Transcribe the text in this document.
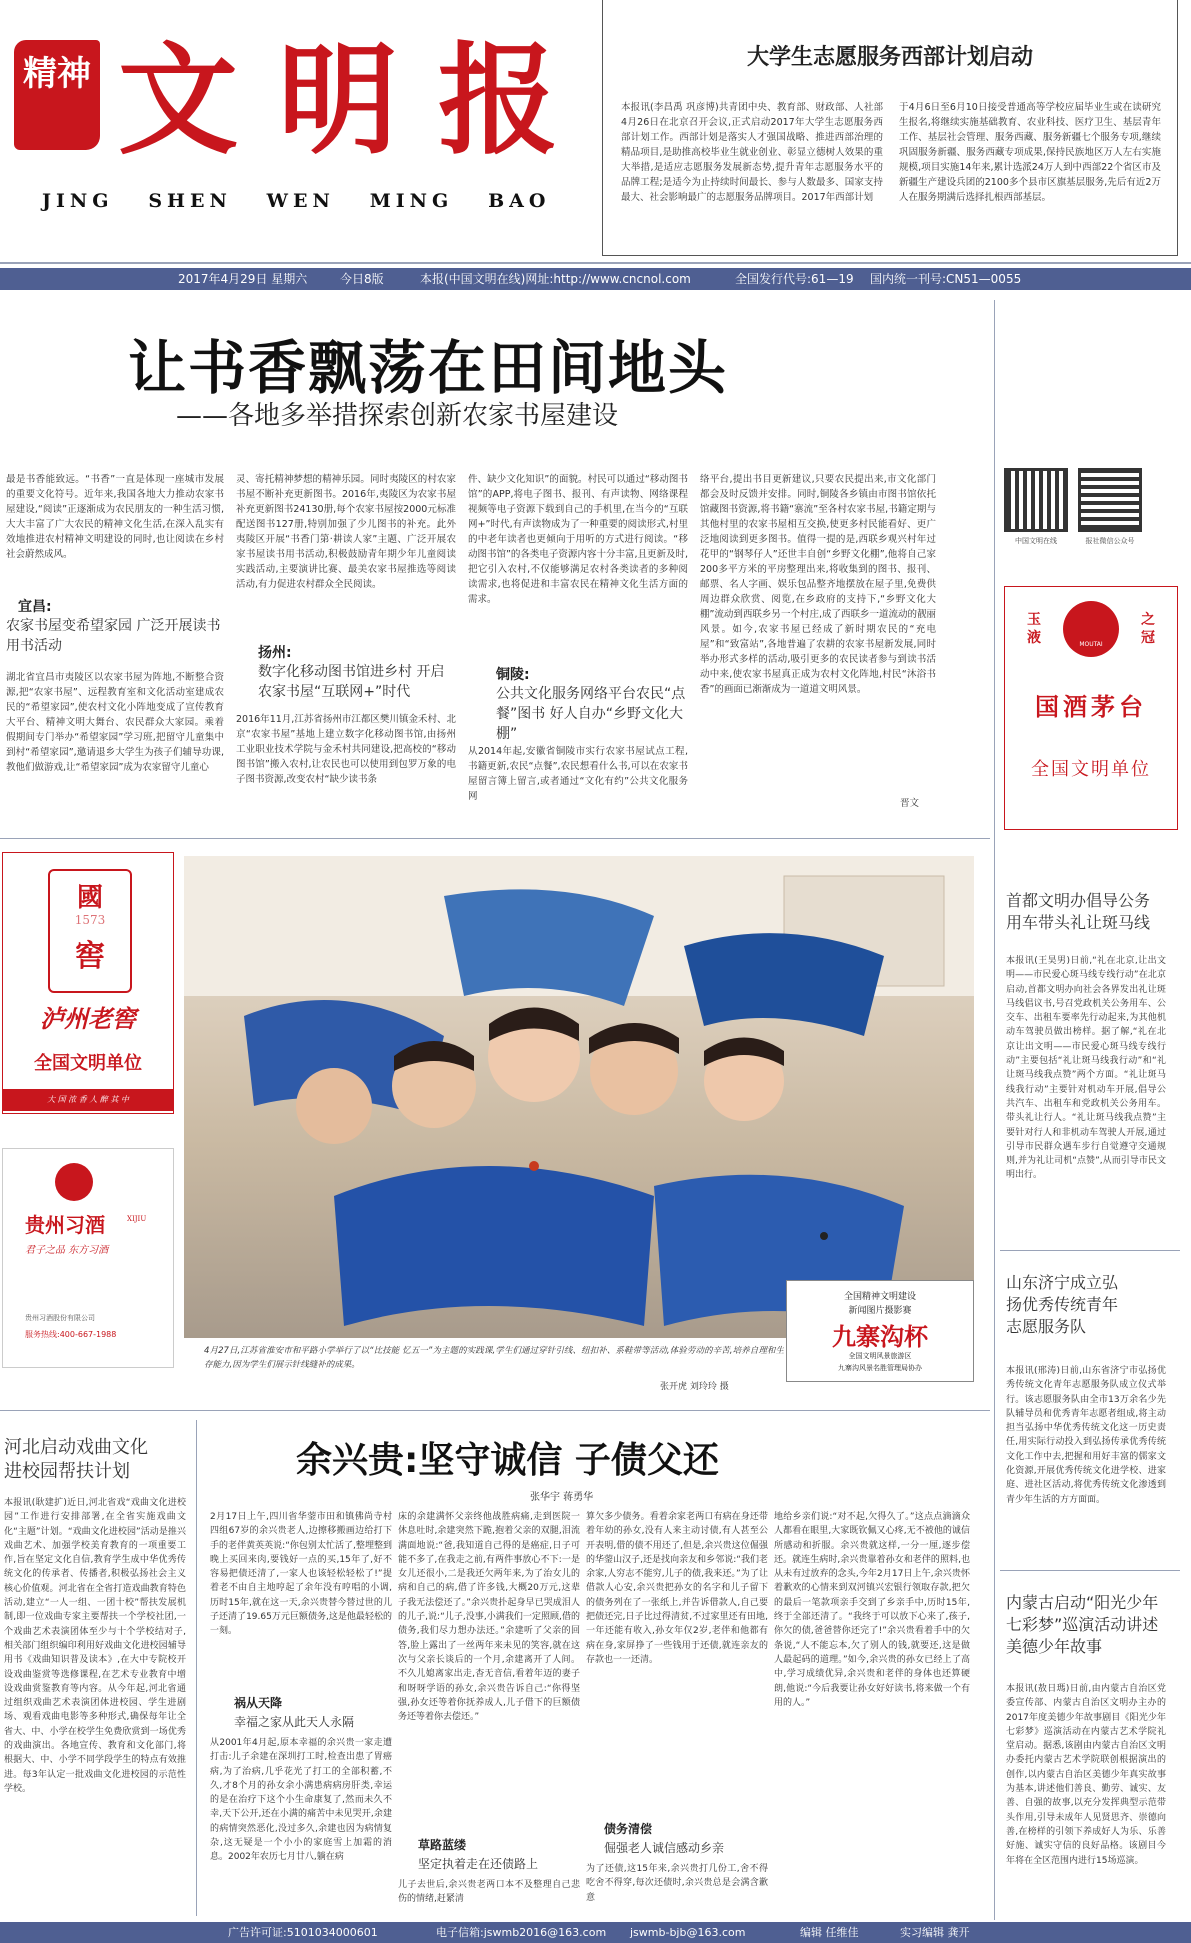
精神 文明报
JING   SHEN   WEN   MING   BAO
大学生志愿服务西部计划启动
本报讯(李昌禹 巩彦博)共青团中央、教育部、财政部、人社部4月26日在北京召开会议,正式启动2017年大学生志愿服务西部计划工作。西部计划是落实人才强国战略、推进西部治理的精品项目,是助推高校毕业生就业创业、彰显立德树人效果的重大举措,是适应志愿服务发展新态势,提升青年志愿服务水平的品牌工程;是适今为止持续时间最长、参与人数最多、国家支持最大、社会影响最广的志愿服务品牌项目。2017年西部计划
于4月6日至6月10日接受普通高等学校应届毕业生或在读研究生报名,将继续实施基础教育、农业科技、医疗卫生、基层青年工作、基层社会管理、服务西藏、服务新疆七个服务专项,继续巩固服务新疆、服务西藏专项成果,保持民族地区万人左右实施规模,项目实施14年来,累计选派24万人到中西部22个省区市及新疆生产建设兵团的2100多个县市区旗基层服务,先后有近2万人在服务期满后选择扎根西部基层。
2017年4月29日 星期六	今日8版	本报(中国文明在线)网址:http://www.cncnol.com	全国发行代号:61—19 国内统一刊号:CN51—0055
让书香飘荡在田间地头
——各地多举措探索创新农家书屋建设
最是书香能致远。“书香”一直是体现一座城市发展的重要文化符号。近年来,我国各地大力推动农家书屋建设,“阅读”正逐渐成为农民朋友的一种生活习惯,大大丰富了广大农民的精神文化生活,在深入乱实有效地推进农村精神文明建设的同时,也让阅读在乡村社会蔚然成风。
宜昌:
农家书屋变希望家园 广泛开展读书用书活动
湖北省宜昌市夷陵区以农家书屋为阵地,不断整合资源,把“农家书屋”、远程教育室和文化活动室建成农民的“希望家园”,使农村文化小阵地变成了宣传教育大平台、精神文明大舞台、农民群众大家园。乘着假期间专门举办“希望家园”学习班,把留守儿童集中到村“希望家园”,邀请退乡大学生为孩子们辅导功课,教他们做游戏,让“希望家园”成为农家留守儿童心
灵、寄托精神梦想的精神乐园。同时夷陵区的村农家书屋不断补充更新图书。2016年,夷陵区为农家书屋补充更新图书24130册,每个农家书屋按2000元标准配送图书127册,特别加强了少儿图书的补充。此外夷陵区开展“书香门第·耕读人家”主题、广泛开展农家书屋读书用书活动,积极鼓励青年期少年儿童阅读实践活动,主要演讲比赛、最美农家书屋推选等阅读活动,有力促进农村群众全民阅读。
扬州:
数字化移动图书馆进乡村 开启农家书屋“互联网+”时代
2016年11月,江苏省扬州市江都区樊川镇金禾村、北京“农家书屋”基地上建立数字化移动图书馆,由扬州工业职业技术学院与金禾村共同建设,把高校的“移动图书馆”搬入农村,让农民也可以使用到包罗万象的电子图书资源,改变农村“缺少读书条
件、缺少文化知识”的面貌。村民可以通过“移动图书馆”的APP,将电子图书、报刊、有声读物、网络课程视频等电子资源下载到自己的手机里,在当今的“互联网+”时代,有声读物成为了一种重要的阅读形式,村里的中老年读者也更倾向于用听的方式进行阅读。“移动图书馆”的各类电子资源内容十分丰富,且更新及时,把它引入农村,不仅能够满足农村各类读者的多种阅读需求,也将促进和丰富农民在精神文化生活方面的需求。
铜陵:
公共文化服务网络平台农民“点餐”图书 好人自办“乡野文化大棚”
从2014年起,安徽省铜陵市实行农家书屋试点工程,书籍更新,农民“点餐”,农民想看什么书,可以在农家书屋留言簿上留言,或者通过“文化有约”公共文化服务网
络平台,提出书目更新建议,只要农民提出来,市文化部门都会及时反馈并安排。同时,铜陵各乡镇由市图书馆依托馆藏图书资源,将书籍“寨流”至各村农家书屋,书籍定期与其他村里的农家书屋相互交换,使更多村民能看好、更广泛地阅读到更多图书。值得一提的是,西联乡观兴村年过花甲的“钢琴仔人”还世丰自创“乡野文化棚”,他将自己家200多平方米的平房整理出来,将收集到的图书、报刊、邮票、名人字画、娱乐包品整齐地摆放在屋子里,免费供周边群众欣赏、阅览,在乡政府的支持下,“乡野文化大棚”流动到西联乡另一个村庄,成了西联乡一道流动的靓丽风景。如今,农家书屋已经成了新时期农民的“充电屋”和“致富站”,各地普遍了农耕的农家书屋新发展,同时举办形式多样的活动,吸引更多的农民读者参与到读书活动中来,使农家书屋真正成为农村文化阵地,村民“沐浴书香”的画面已渐渐成为一道道文明风景。
晋文
中国文明在线	报社微信公众号
玉液	MOUTAI
之冠
国酒茅台
全国文明单位
國
1573
窖
泸州老窖
全国文明单位
大 国 浓 香 人 醉 其 中
贵州习酒	XIJIU
君子之品 东方习酒
贵州习酒股份有限公司
服务热线:400-667-1988
全国精神文明建设
新闻图片摄影赛
九寨沟杯
全国文明风景旅游区
九寨沟风景名胜管理局协办
4月27日,江苏省淮安市和平路小学举行了以“比技能 忆五一”为主题的实践课,学生们通过穿针引线、纽扣补、系鞋带等活动,体验劳动的辛苦,培养自理和生存能力,因为学生们展示针线缝补的成果。
张开虎 刘玲玲 摄
首都文明办倡导公务用车带头礼让斑马线
本报讯(王昊男)日前,“礼在北京,让出文明——市民爱心斑马线专线行动”在北京启动,首都文明办向社会各界发出礼让斑马线倡议书,号召党政机关公务用车、公交车、出租车要率先行动起来,为其他机动车驾驶员做出榜样。据了解,“礼在北京让出文明——市民爱心斑马线专线行动”主要包括“礼让斑马线我行动”和“礼让斑马线我点赞”两个方面。“礼让斑马线我行动”主要针对机动车开展,倡导公共汽车、出租车和党政机关公务用车。带头礼让行人。“礼让斑马线我点赞”主要针对行人和非机动车驾驶人开展,通过引导市民群众遇车步行自觉遵守交通规则,并为礼让司机“点赞”,从而引导市民文明出行。
山东济宁成立弘扬优秀传统青年志愿服务队
本报讯(邢涛)日前,山东省济宁市弘扬优秀传统文化青年志愿服务队成立仪式举行。该志愿服务队由全市13万余名少先队辅导员和优秀青年志愿者组成,将主动担当弘扬中华优秀传统文化这一历史责任,用实际行动投入到弘扬传承优秀传统文化工作中去,把握和用好丰富的儒家文化资源,开展优秀传统文化进学校、进家庭、进社区活动,将优秀传统文化渗透到青少年生活的方方面面。
内蒙古启动“阳光少年七彩梦”巡演活动讲述美德少年故事
本报讯(敖日瑪)日前,由内蒙古自治区党委宣传部、内蒙古自治区文明办主办的2017年度美德少年故事剧目《阳光少年七彩梦》巡演活动在内蒙古艺术学院礼堂启动。据悉,该剧由内蒙古自治区文明办委托内蒙古艺术学院联创根据演出的创作,以内蒙古自治区美德少年真实故事为基本,讲述他们善良、勤劳、诚实、友善、自强的故事,以充分发挥典型示范带头作用,引导未成年人见贤思齐、崇德向善,在榜样的引领下养成好人为乐、乐善好施、诚实守信的良好品格。该剧目今年将在全区范围内进行15场巡演。
河北启动戏曲文化进校园帮扶计划
本报讯(耿建扩)近日,河北省戏“戏曲文化进校园”工作进行安排部署,在全省实施戏曲文化“主题”计划。“戏曲文化进校园”活动是推兴戏曲艺术、加强学校美育教育的一项重要工作,旨在坚定文化自信,教育学生成中华优秀传统文化的传承者、传播者,积极弘扬社会主义核心价值观。河北省在全省打造戏曲教育特色活动,建立“一人一组、一团十校”帮扶发展机制,即一位戏曲专家主要帮扶一个学校社团,一个戏曲艺术表演团体至少与十个学校结对子,相关部门组织编印利用好戏曲文化进校园辅导用书《戏曲知识普及读本》,在大中专院校开设戏曲鉴赏等选修课程,在艺术专业教育中增设戏曲赏鉴教育等内容。从今年起,河北省通过组织戏曲艺术表演团体进校园、学生进剧场、观看戏曲电影等多种形式,确保每年让全省大、中、小学在校学生免费欣赏到一场优秀的戏曲演出。各地宣传、教育和文化部门,将根据大、中、小学不同学段学生的特点有效推进。每3年认定一批戏曲文化进校园的示范性学校。
余兴贵:坚守诚信 子债父还
张华宇 蒋勇华
2月17日上午,四川省华蓥市田和镇佛尚寺村四组67岁的余兴贵老人,边擦移搬画边给打下手的老伴黄英英说:“你包别太忙活了,整埋整到晚上买回来肉,要钱好一点的买,15年了,好不容易把债还清了,一家人也该轻松轻松了!”提着老不由自主地哼起了余年没有哼唱的小调,历时15年,就在这一天,余兴贵替今替过世的儿子还清了19.65万元巨额债务,这是他最轻松的一刻。
祸从天降
幸福之家从此天人永隔
从2001年4月起,原本幸福的余兴贵一家走遭打击:儿子余建在深圳打工时,检查出患了胃癌病,为了治病,几乎花光了打工的全部积蓄,不久,才8个月的孙女余小满患病病房肝类,幸运的是在治疗下这个小生命康复了,然而未久不幸,天下公开,还在小满的痛苦中未见哭开,余建的病情突然恶化,没过多久,余建也因为病情复杂,这无疑是一个小小的家庭雪上加霜的消息。2002年农历七月廿八,躺在病
床的余建满怀父亲终他战胜病痛,走到医院一休息吐时,余建突然下跪,抱着父亲的双腿,泪流满面地说:“爸,我知道自己得的是癌症,日子可能不多了,在我走之前,有两件事放心不下:一是女儿还很小,二是我还欠两年来,为了治女儿的病和自己的病,借了许多钱,大概20万元,这辈子我无法偿还了。”余兴贵扑起身早已哭成泪人的儿子,说:“儿子,没事,小满我们一定照顾,借的债务,我们尽力想办法还。”余建听了父亲的回答,脸上露出了一丝两年来未见的笑容,就在这次与父亲长谈后的一个月,余建离开了人间。不久儿媳离家出走,杳无音信,看着年迈的妻子和呀呀学语的孙女,余兴贵告诉自己:“你得坚强,孙女还等着你抚养成人,儿子借下的巨额债务还等着你去偿还。”
草路蓝缕
坚定执着走在还债路上
儿子去世后,余兴贵老两口本不及整理自己悲伤的情绪,赶紧清
算欠多少债务。看着余家老两口有病在身还带着年幼的孙女,没有人来主动讨债,有人甚至公开表明,借的债不用还了,但是,余兴贵这位倔强的华蓥山汉子,还是找向亲友和乡邻说:“我们老余家,人穷志不能穷,儿子的债,我来还。”为了让借款人心安,余兴贵把孙女的名字和儿子留下的债务列在了一张纸上,并告诉借款人,自己要把债还完,日子比过得清贫,不过家里还有田地,一年还能有收入,孙女年仅2岁,老伴和他都有病在身,家屏挣了一些钱用于还债,就连亲友的存款也一一还清。
债务清偿
倔强老人诚信感动乡亲
为了还债,这15年来,余兴贵打几份工,舍不得吃舍不得穿,每次还债时,余兴贵总是会满含歉意
地给乡亲们说:“对不起,欠得久了。”这点点滴滴众人都看在眼里,大家既钦佩又心疼,无不被他的诚信所感动和折服。余兴贵就这样,一分一厘,逐步偿还。就连生病时,余兴贵靠着孙女和老伴的照料,也从未有过放弃的念头,今年2月17日上午,余兴贵怀着歉欢的心情来到双河镇兴宏银行领取存款,把欠的最后一笔款项亲手交到了乡亲手中,历时15年,终于全部还清了。“我终于可以放下心来了,孩子,你欠的债,爸爸替你还完了!”余兴贵看着手中的欠条说,“人不能忘本,欠了别人的钱,就要还,这是做人最起码的道理。”如今,余兴贵的孙女已经上了高中,学习成绩优异,余兴贵和老伴的身体也还算硬朗,他说:“今后我要让孙女好好读书,将来做一个有用的人。”
广告许可证:5101034000601	电子信箱:jswmb2016@163.com jswmb-bjb@163.com	编辑 任维佳	实习编辑 龚开
